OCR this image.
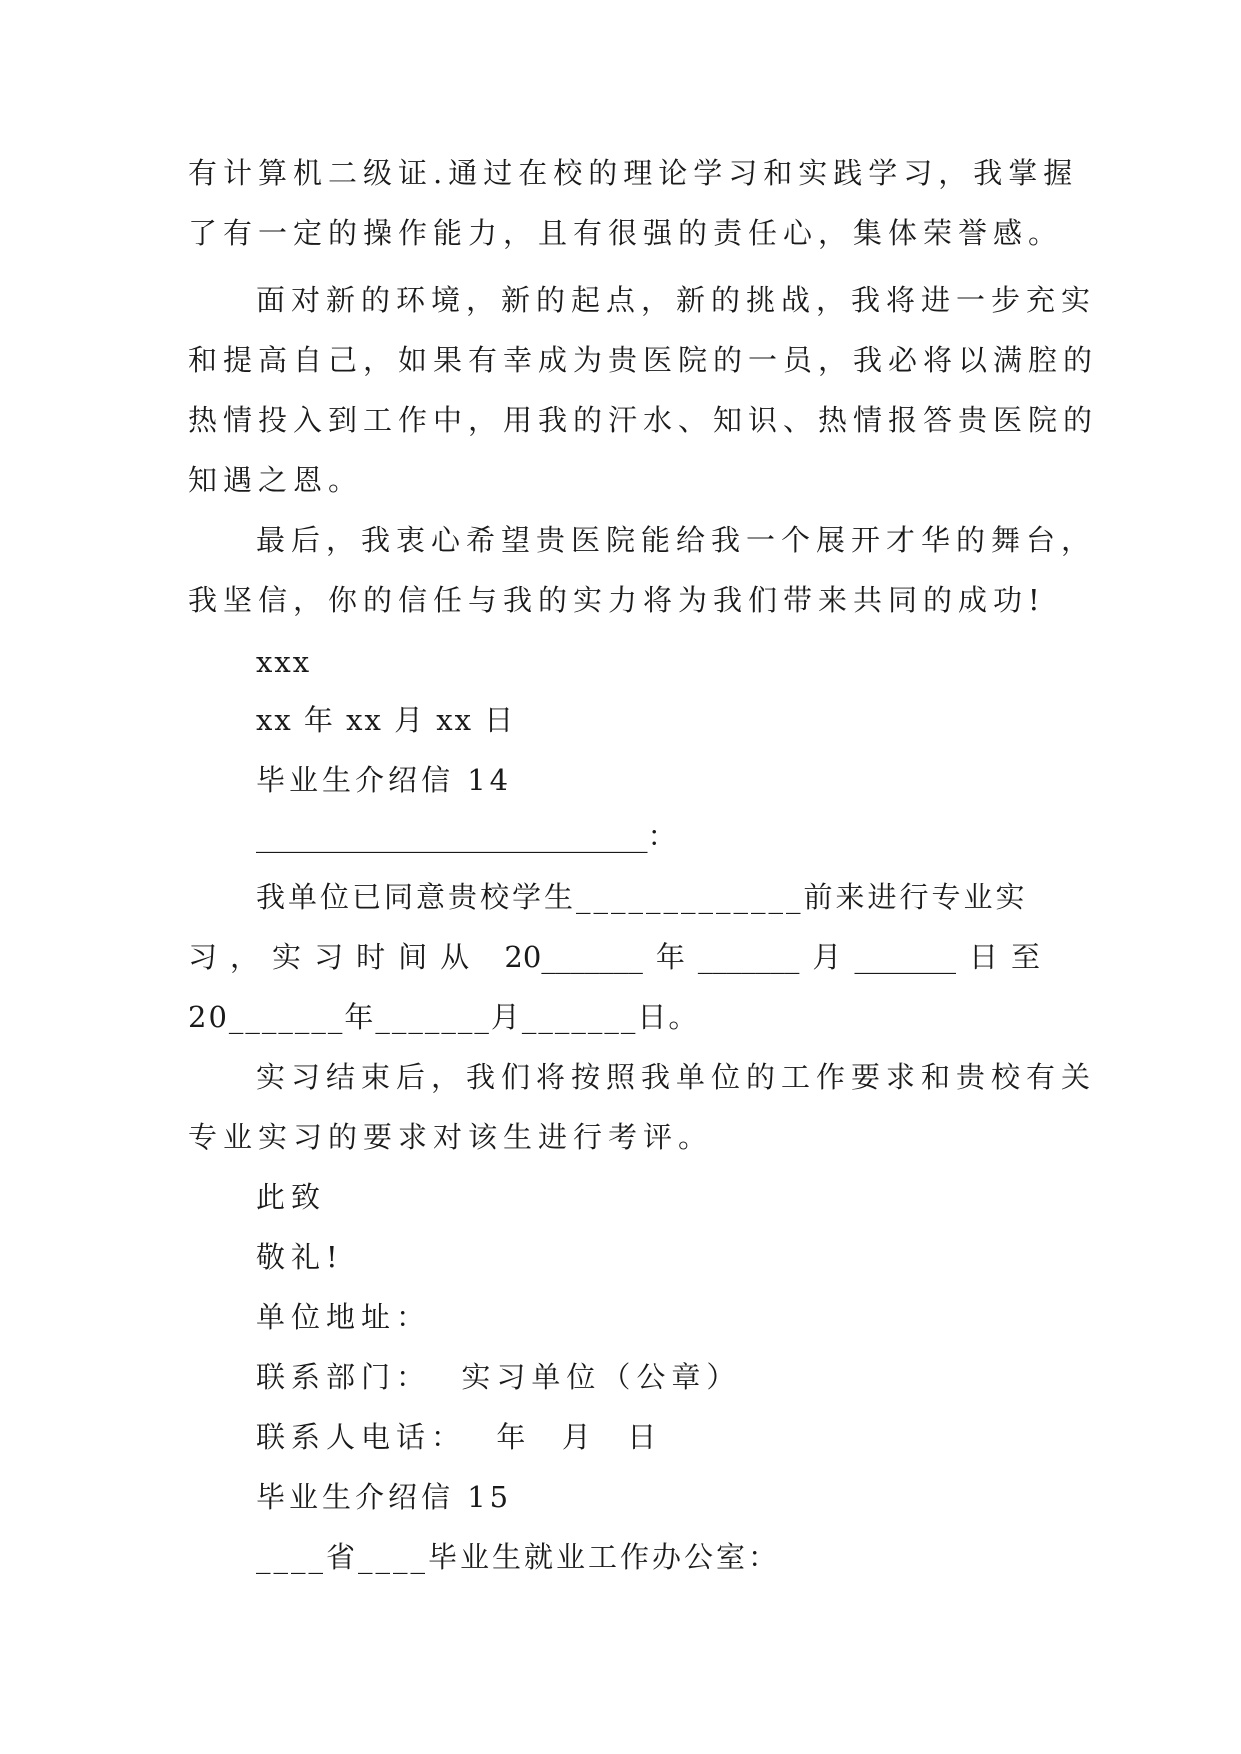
有计算机二级证.通过在校的理论学习和实践学习，我掌握
了有一定的操作能力，且有很强的责任心，集体荣誉感。
面对新的环境，新的起点，新的挑战，我将进一步充实
和提高自己，如果有幸成为贵医院的一员，我必将以满腔的
热情投入到工作中，用我的汗水、知识、热情报答贵医院的
知遇之恩。
最后，我衷心希望贵医院能给我一个展开才华的舞台，
我坚信，你的信任与我的实力将为我们带来共同的成功!
xxx
xx 年 xx 月 xx 日
毕业生介绍信 14
___________________________：
我单位已同意贵校学生_____________前来进行专业实
习，实习时间从 20_______年_______月_______日至
20_______年_______月_______日。
实习结束后，我们将按照我单位的工作要求和贵校有关
专业实习的要求对该生进行考评。
此致
敬礼!
单位地址：
联系部门：  实习单位（公章）
联系人电话：  年  月  日
毕业生介绍信 15
____省____毕业生就业工作办公室：
